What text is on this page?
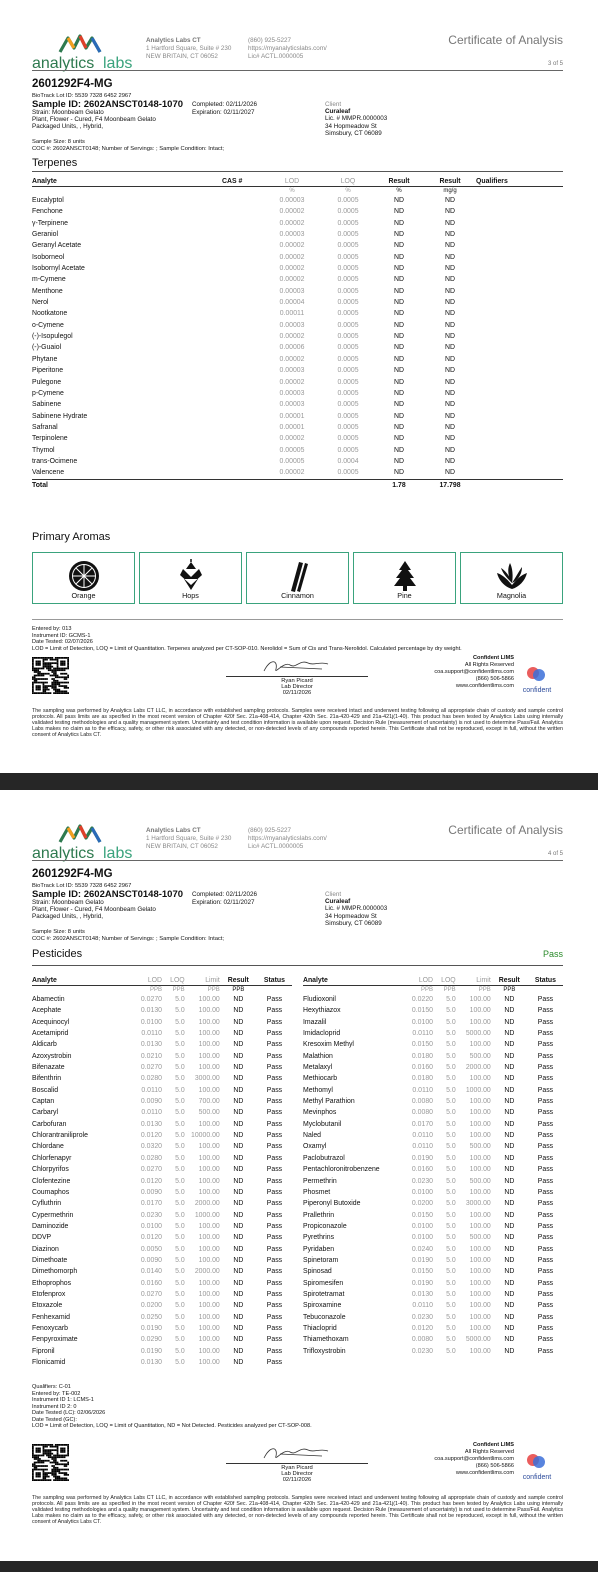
analytics labs
Analytics Labs CT
1 Hartford Square, Suite # 230
NEW BRITAIN, CT 06052
(860) 925-5227
https://myanalyticslabs.com/
Lic# ACTL.0000005
Certificate of Analysis
3 of 5
2601292F4-MG
BioTrack Lot ID: 5539 7328 6452 2967
Sample ID: 2602ANSCT0148-1070 Completed: 02/11/2026
Expiration: 02/11/2027
Strain: Moonbeam Gelato
Plant, Flower - Cured, F4 Moonbeam Gelato
Packaged Units, , Hybrid,
Client
Curaleaf
Lic. # MMPR.0000003
34 Hopmeadow St
Simsbury, CT 06089
Sample Size: 8 units
COC #: 2602ANSCT0148; Number of Servings: ; Sample Condition: Intact;
Terpenes
Analyte	CAS #	LOD	LOQ	Result	Result	Qualifiers
		%	%	%	mg/g	
Eucalyptol		0.00003	0.0005	ND	ND	
Fenchone		0.00002	0.0005	ND	ND	
γ-Terpinene		0.00002	0.0005	ND	ND	
Geraniol		0.00003	0.0005	ND	ND	
Geranyl Acetate		0.00002	0.0005	ND	ND	
Isoborneol		0.00002	0.0005	ND	ND	
Isobornyl Acetate		0.00002	0.0005	ND	ND	
m-Cymene		0.00002	0.0005	ND	ND	
Menthone		0.00003	0.0005	ND	ND	
Nerol		0.00004	0.0005	ND	ND	
Nootkatone		0.00011	0.0005	ND	ND	
o-Cymene		0.00003	0.0005	ND	ND	
(-)-Isopulegol		0.00002	0.0005	ND	ND	
(-)-Guaiol		0.00006	0.0005	ND	ND	
Phytane		0.00002	0.0005	ND	ND	
Piperitone		0.00003	0.0005	ND	ND	
Pulegone		0.00002	0.0005	ND	ND	
p-Cymene		0.00003	0.0005	ND	ND	
Sabinene		0.00003	0.0005	ND	ND	
Sabinene Hydrate		0.00001	0.0005	ND	ND	
Safranal		0.00001	0.0005	ND	ND	
Terpinolene		0.00002	0.0005	ND	ND	
Thymol		0.00005	0.0005	ND	ND	
trans-Ocimene		0.00005	0.0004	ND	ND	
Valencene		0.00002	0.0005	ND	ND	
Total				1.78	17.798	
Primary Aromas
Orange	Hops	Cinnamon	Pine	Magnolia
Entered by: 013
Instrument ID: GCMS-1
Date Tested: 02/07/2026
LOD = Limit of Detection, LOQ = Limit of Quantitation. Terpenes analyzed per CT-SOP-010. Nerolidol = Sum of Cis and Trans-Nerolidol. Calculated percentage by dry weight.
Ryan Picard
Lab Director
02/11/2026
Confident LIMS
All Rights Reserved
coa.support@confidentlims.com
(866) 506-5866
www.confidentlims.com
confident
The sampling was performed by Analytics Labs CT LLC, in accordance with established sampling protocols. Samples were received intact and underwent testing following all appropriate chain of custody and sample control protocols. All pass limits are as specified in the most recent version of Chapter 420f Sec. 21a-408-414, Chapter 420h Sec. 21a-420-429 and 21a-421j(1-40). This product has been tested by Analytics Labs using internally validated testing methodologies and a quality management system. Uncertainty and test condition information is available upon request. Decision Rule (measurement of uncertainty) is not used to determine Pass/Fail. Analytics Labs makes no claim as to the efficacy, safety, or other risk associated with any detected, or non-detected levels of any compounds reported herein. This Certificate shall not be reproduced, except in full, without the written consent of Analytics Labs CT.
analytics labs
Analytics Labs CT
1 Hartford Square, Suite # 230
NEW BRITAIN, CT 06052
(860) 925-5227
https://myanalyticslabs.com/
Lic# ACTL.0000005
Certificate of Analysis
4 of 5
2601292F4-MG
BioTrack Lot ID: 5539 7328 6452 2967
Sample ID: 2602ANSCT0148-1070 Completed: 02/11/2026
Expiration: 02/11/2027
Strain: Moonbeam Gelato
Plant, Flower - Cured, F4 Moonbeam Gelato
Packaged Units, , Hybrid,
Client
Curaleaf
Lic. # MMPR.0000003
34 Hopmeadow St
Simsbury, CT 06089
Sample Size: 8 units
COC #: 2602ANSCT0148; Number of Servings: ; Sample Condition: Intact;
Pesticides	Pass
Analyte	LOD	LOQ	Limit	Result	Status
	PPB	PPB	PPB	PPB	
Abamectin	0.0270	5.0	100.00	ND	Pass
Acephate	0.0130	5.0	100.00	ND	Pass
Acequinocyl	0.0100	5.0	100.00	ND	Pass
Acetamiprid	0.0110	5.0	100.00	ND	Pass
Aldicarb	0.0130	5.0	100.00	ND	Pass
Azoxystrobin	0.0210	5.0	100.00	ND	Pass
Bifenazate	0.0270	5.0	100.00	ND	Pass
Bifenthrin	0.0280	5.0	3000.00	ND	Pass
Boscalid	0.0110	5.0	100.00	ND	Pass
Captan	0.0090	5.0	700.00	ND	Pass
Carbaryl	0.0110	5.0	500.00	ND	Pass
Carbofuran	0.0130	5.0	100.00	ND	Pass
Chlorantraniliprole	0.0120	5.0	10000.00	ND	Pass
Chlordane	0.0320	5.0	100.00	ND	Pass
Chlorfenapyr	0.0280	5.0	100.00	ND	Pass
Chlorpyrifos	0.0270	5.0	100.00	ND	Pass
Clofentezine	0.0120	5.0	100.00	ND	Pass
Coumaphos	0.0090	5.0	100.00	ND	Pass
Cyfluthrin	0.0170	5.0	2000.00	ND	Pass
Cypermethrin	0.0230	5.0	1000.00	ND	Pass
Daminozide	0.0100	5.0	100.00	ND	Pass
DDVP	0.0120	5.0	100.00	ND	Pass
Diazinon	0.0050	5.0	100.00	ND	Pass
Dimethoate	0.0090	5.0	100.00	ND	Pass
Dimethomorph	0.0140	5.0	2000.00	ND	Pass
Ethoprophos	0.0160	5.0	100.00	ND	Pass
Etofenprox	0.0270	5.0	100.00	ND	Pass
Etoxazole	0.0200	5.0	100.00	ND	Pass
Fenhexamid	0.0250	5.0	100.00	ND	Pass
Fenoxycarb	0.0190	5.0	100.00	ND	Pass
Fenpyroximate	0.0290	5.0	100.00	ND	Pass
Fipronil	0.0190	5.0	100.00	ND	Pass
Flonicamid	0.0130	5.0	100.00	ND	Pass
Analyte	LOD	LOQ	Limit	Result	Status
	PPB	PPB	PPB	PPB	
Fludioxonil	0.0220	5.0	100.00	ND	Pass
Hexythiazox	0.0150	5.0	100.00	ND	Pass
Imazalil	0.0100	5.0	100.00	ND	Pass
Imidacloprid	0.0110	5.0	5000.00	ND	Pass
Kresoxim Methyl	0.0150	5.0	100.00	ND	Pass
Malathion	0.0180	5.0	500.00	ND	Pass
Metalaxyl	0.0160	5.0	2000.00	ND	Pass
Methiocarb	0.0180	5.0	100.00	ND	Pass
Methomyl	0.0110	5.0	1000.00	ND	Pass
Methyl Parathion	0.0080	5.0	100.00	ND	Pass
Mevinphos	0.0080	5.0	100.00	ND	Pass
Myclobutanil	0.0170	5.0	100.00	ND	Pass
Naled	0.0110	5.0	100.00	ND	Pass
Oxamyl	0.0110	5.0	500.00	ND	Pass
Paclobutrazol	0.0190	5.0	100.00	ND	Pass
Pentachloronitrobenzene	0.0160	5.0	100.00	ND	Pass
Permethrin	0.0230	5.0	500.00	ND	Pass
Phosmet	0.0100	5.0	100.00	ND	Pass
Piperonyl Butoxide	0.0200	5.0	3000.00	ND	Pass
Prallethrin	0.0150	5.0	100.00	ND	Pass
Propiconazole	0.0100	5.0	100.00	ND	Pass
Pyrethrins	0.0100	5.0	500.00	ND	Pass
Pyridaben	0.0240	5.0	100.00	ND	Pass
Spinetoram	0.0190	5.0	100.00	ND	Pass
Spinosad	0.0150	5.0	100.00	ND	Pass
Spiromesifen	0.0190	5.0	100.00	ND	Pass
Spirotetramat	0.0130	5.0	100.00	ND	Pass
Spiroxamine	0.0110	5.0	100.00	ND	Pass
Tebuconazole	0.0230	5.0	100.00	ND	Pass
Thiacloprid	0.0120	5.0	100.00	ND	Pass
Thiamethoxam	0.0080	5.0	5000.00	ND	Pass
Trifloxystrobin	0.0230	5.0	100.00	ND	Pass
Qualifiers: C-01
Entered by: TE-002
Instrument ID 1: LCMS-1
Instrument ID 2: 0
Date Tested (LC): 02/06/2026
Date Tested (GC):
LOD = Limit of Detection, LOQ = Limit of Quantitation, ND = Not Detected. Pesticides analyzed per CT-SOP-008.
Ryan Picard
Lab Director
02/11/2026
Confident LIMS
All Rights Reserved
coa.support@confidentlims.com
(866) 506-5866
www.confidentlims.com
confident
The sampling was performed by Analytics Labs CT LLC, in accordance with established sampling protocols. Samples were received intact and underwent testing following all appropriate chain of custody and sample control protocols. All pass limits are as specified in the most recent version of Chapter 420f Sec. 21a-408-414, Chapter 420h Sec. 21a-420-429 and 21a-421j(1-40). This product has been tested by Analytics Labs using internally validated testing methodologies and a quality management system. Uncertainty and test condition information is available upon request. Decision Rule (measurement of uncertainty) is not used to determine Pass/Fail. Analytics Labs makes no claim as to the efficacy, safety, or other risk associated with any detected, or non-detected levels of any compounds reported herein. This Certificate shall not be reproduced, except in full, without the written consent of Analytics Labs CT.
